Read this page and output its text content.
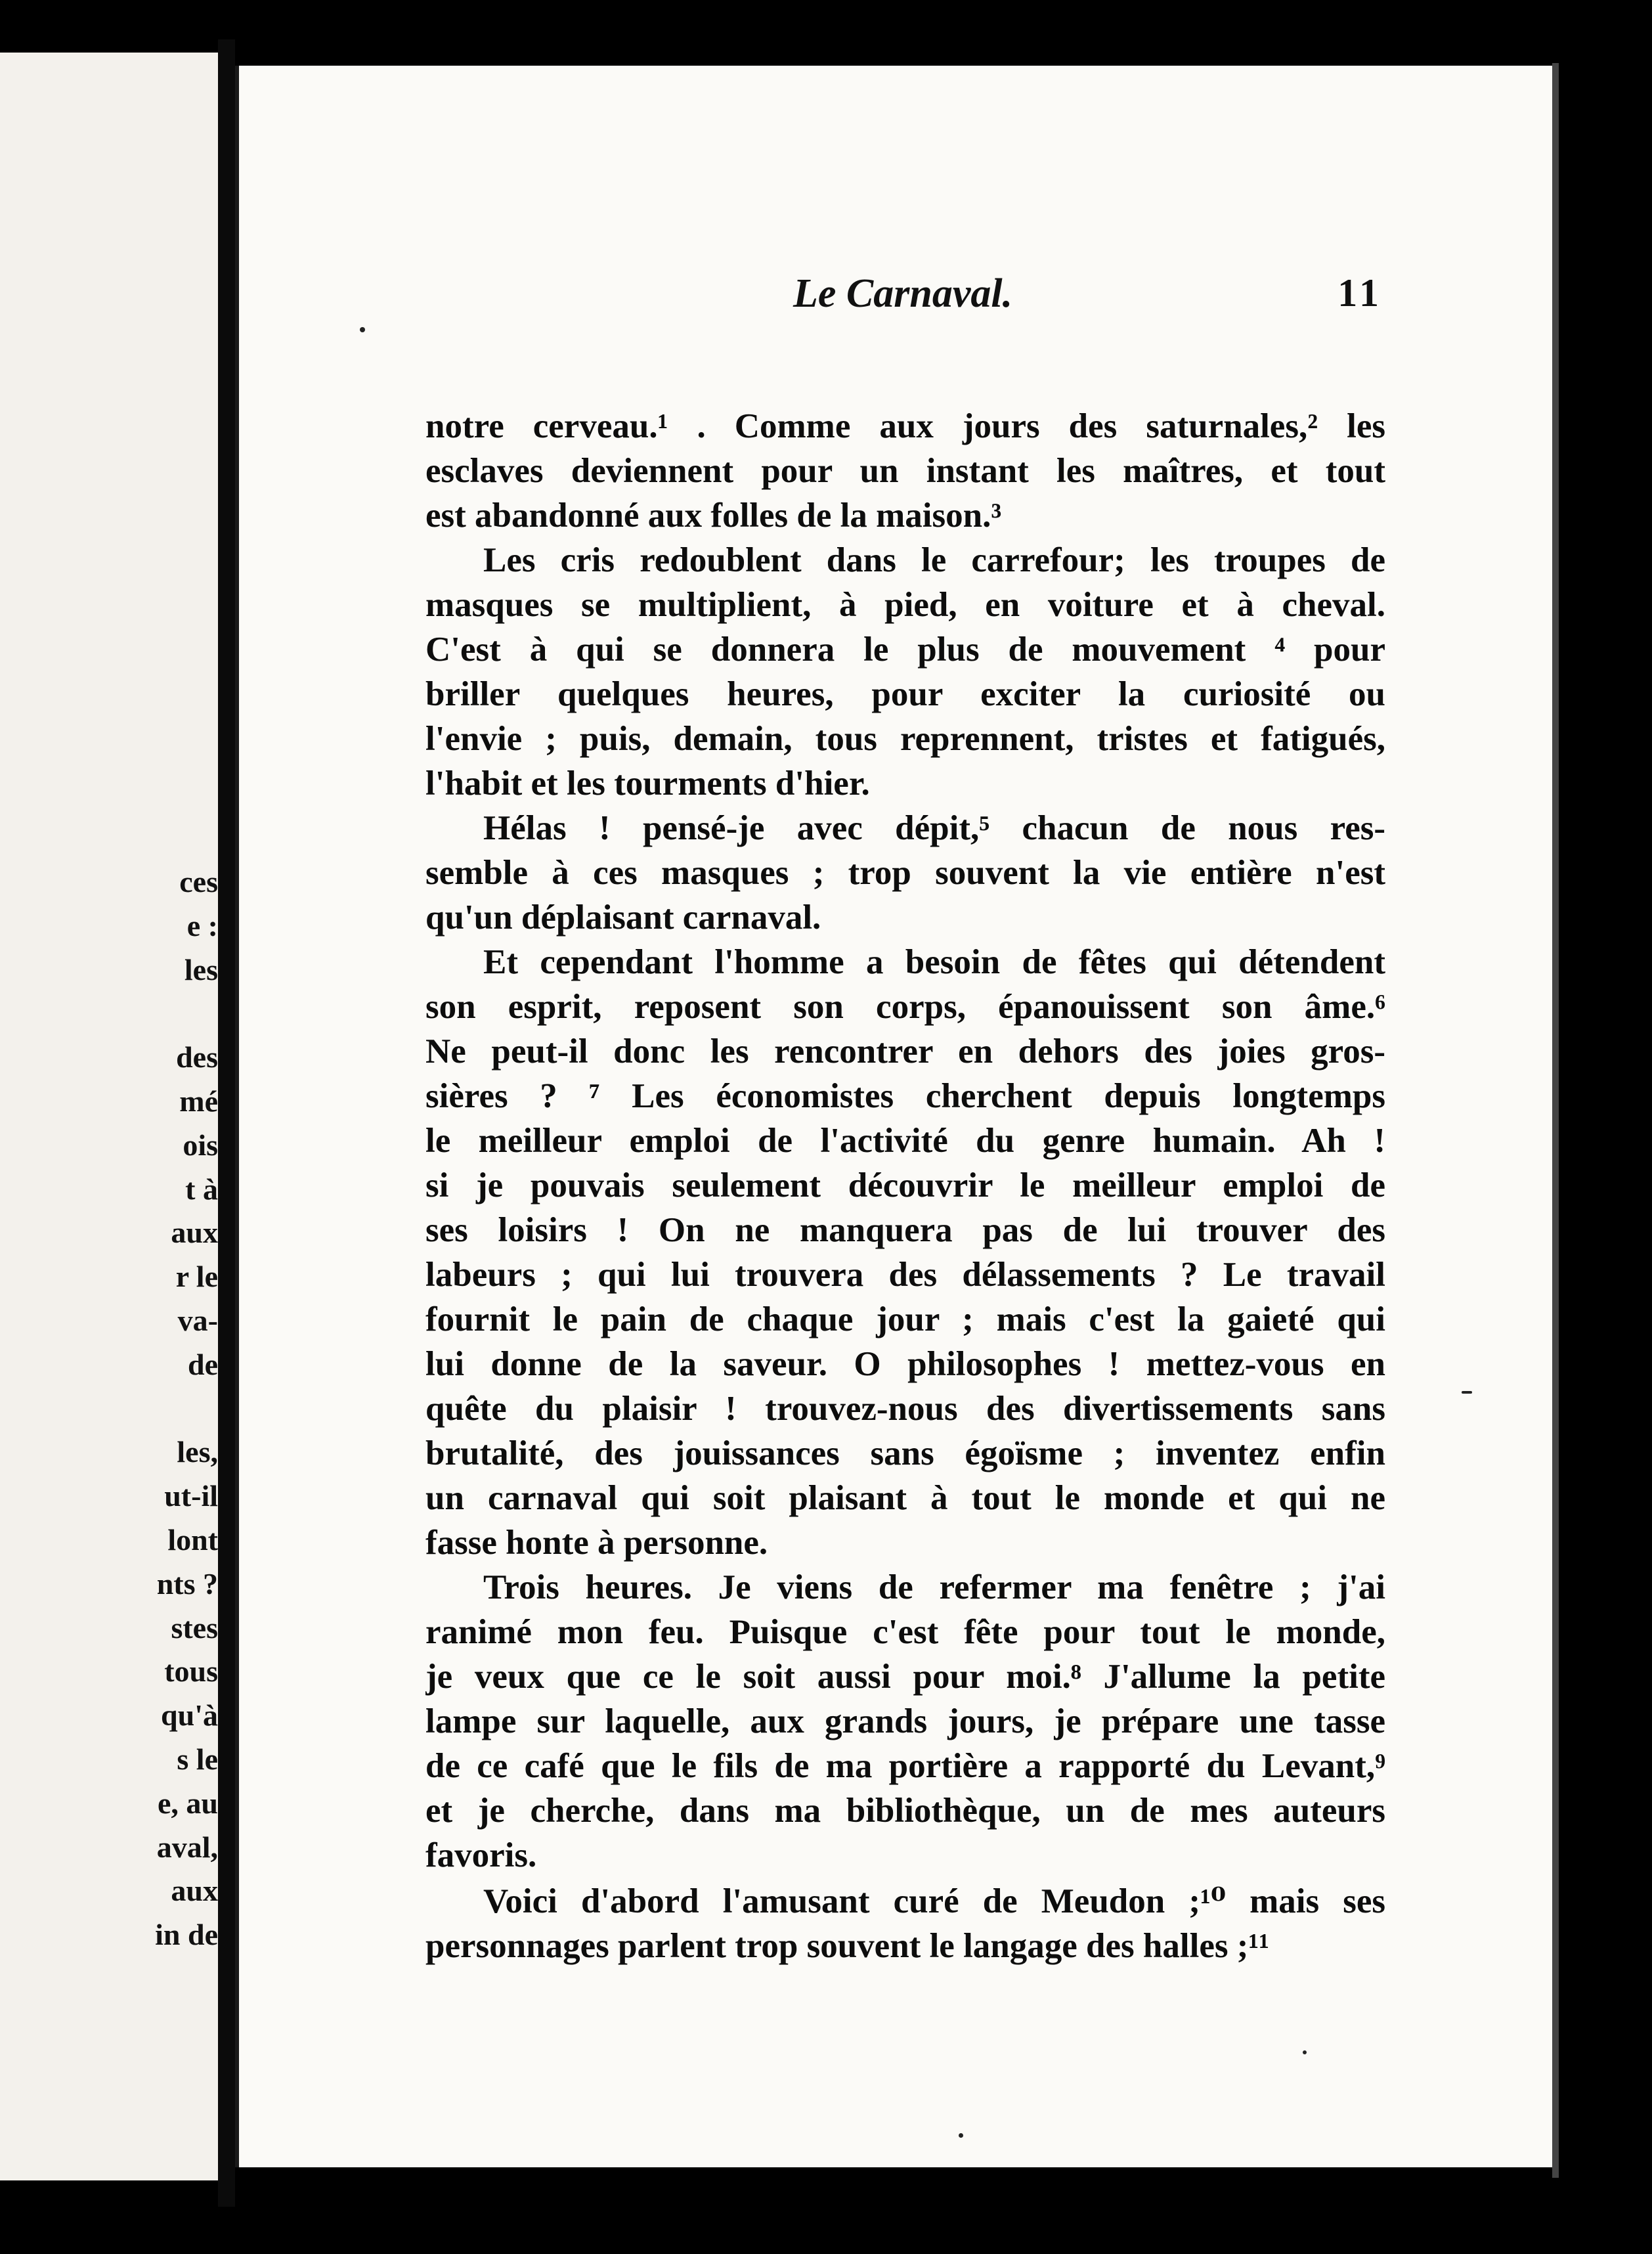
ces
e :
les
des
mé
ois
t à
aux
r le
va-
de
les,
ut-il
lont
nts ?
stes
tous
qu'à
s le
e, au
aval,
aux
in de
Le Carnaval.	11
notre cerveau.¹ . Comme aux jours des saturnales,² les
esclaves deviennent pour un instant les maîtres, et tout
est abandonné aux folles de la maison.³
Les cris redoublent dans le carrefour; les troupes de
masques se multiplient, à pied, en voiture et à cheval.
C'est à qui se donnera le plus de mouvement ⁴ pour
briller quelques heures, pour exciter la curiosité ou
l'envie ; puis, demain, tous reprennent, tristes et fatigués,
l'habit et les tourments d'hier.
Hélas ! pensé-je avec dépit,⁵ chacun de nous res-
semble à ces masques ; trop souvent la vie entière n'est
qu'un déplaisant carnaval.
Et cependant l'homme a besoin de fêtes qui détendent
son esprit, reposent son corps, épanouissent son âme.⁶
Ne peut-il donc les rencontrer en dehors des joies gros-
sières ? ⁷ Les économistes cherchent depuis longtemps
le meilleur emploi de l'activité du genre humain. Ah !
si je pouvais seulement découvrir le meilleur emploi de
ses loisirs ! On ne manquera pas de lui trouver des
labeurs ; qui lui trouvera des délassements ? Le travail
fournit le pain de chaque jour ; mais c'est la gaieté qui
lui donne de la saveur. O philosophes ! mettez-vous en
quête du plaisir ! trouvez-nous des divertissements sans
brutalité, des jouissances sans égoïsme ; inventez enfin
un carnaval qui soit plaisant à tout le monde et qui ne
fasse honte à personne.
Trois heures. Je viens de refermer ma fenêtre ; j'ai
ranimé mon feu. Puisque c'est fête pour tout le monde,
je veux que ce le soit aussi pour moi.⁸ J'allume la petite
lampe sur laquelle, aux grands jours, je prépare une tasse
de ce café que le fils de ma portière a rapporté du Levant,⁹
et je cherche, dans ma bibliothèque, un de mes auteurs
favoris.
Voici d'abord l'amusant curé de Meudon ;¹⁰ mais ses
personnages parlent trop souvent le langage des halles ;¹¹
